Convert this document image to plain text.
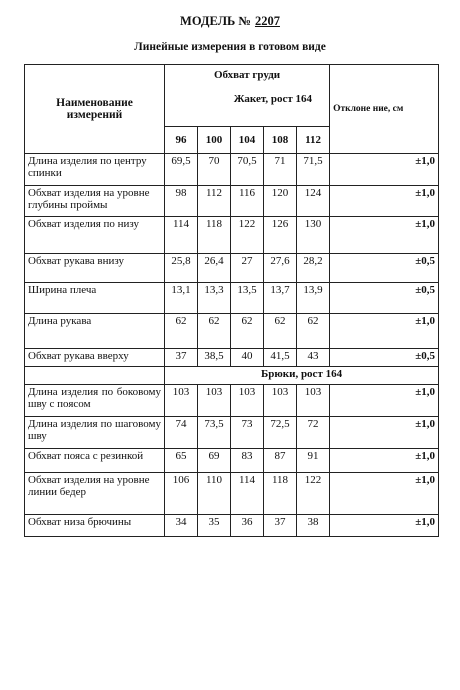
МОДЕЛЬ № 2207
Линейные измерения в готовом виде
Наименование измерений	Обхват груди
Жакет, рост 164					Отклоне ние, см
	96	100	104	108	112	
Длина изделия по центру спинки	69,5	70	70,5	71	71,5	±1,0
Обхват изделия на уровне глубины проймы	98	112	116	120	124	±1,0
Обхват изделия по низу	114	118	122	126	130	±1,0
Обхват рукава внизу	25,8	26,4	27	27,6	28,2	±0,5
Ширина плеча	13,1	13,3	13,5	13,7	13,9	±0,5
Длина рукава	62	62	62	62	62	±1,0
Обхват рукава вверху	37	38,5	40	41,5	43	±0,5
	Брюки, рост 164					
Длина изделия по боковому шву с поясом	103	103	103	103	103	±1,0
Длина изделия по шаговому шву	74	73,5	73	72,5	72	±1,0
Обхват пояса с резинкой	65	69	83	87	91	±1,0
Обхват изделия на уровне линии бедер	106	110	114	118	122	±1,0
Обхват низа брючины	34	35	36	37	38	±1,0
